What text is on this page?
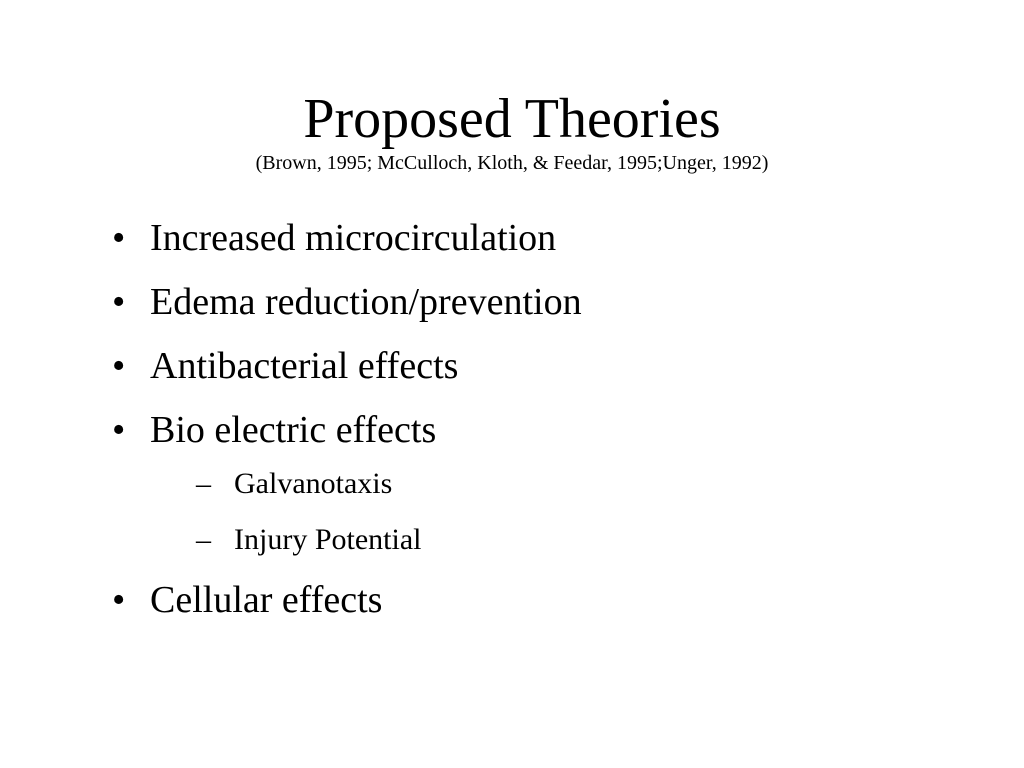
Proposed Theories
(Brown, 1995; McCulloch, Kloth, & Feedar, 1995;Unger, 1992)
• Increased microcirculation
• Edema reduction/prevention
• Antibacterial effects
• Bio electric effects
– Galvanotaxis
– Injury Potential
• Cellular effects
